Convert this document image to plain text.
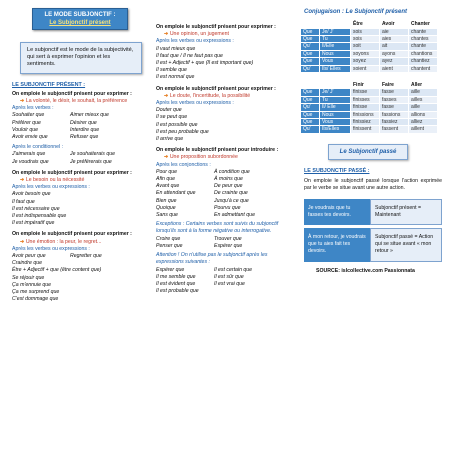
LE MODE SUBJONCTIF :
Le Subjonctif présent
Le subjonctif est le mode de la subjectivité, qui sert à exprimer l'opinion et les sentiments.
LE SUBJONCTIF PRÉSENT :
On emploie le subjonctif présent pour exprimer :
➔ La volonté, le désir, le souhait, la préférence
Après les verbes :
Souhaiter que	Aimer mieux que
Préférer que	Désirer que
Vouloir que	Interdire que
Avoir envie que	Refuser que
Après le conditionnel :
J'aimerais que	Je souhaiterais que
Je voudrais que	Je préférerais que
On emploie le subjonctif présent pour exprimer :
➔ Le besoin ou la nécessité
Après les verbes ou expressions :
Avoir besoin que
Il faut que
Il est nécessaire que
Il est indispensable que
Il est impératif que
On emploie le subjonctif présent pour exprimer :
➔ Une émotion : la peur, le regret...
Après les verbes ou expressions :
Avoir peur que	Regretter que
Craindre que
Être + Adjectif + que (être content que)
Se réjouir que
Ça m'ennuie que
Ça me surprend que
C'est dommage que
On emploie le subjonctif présent pour exprimer :
➔ Une opinion, un jugement
Après les verbes ou expressions :
Il vaut mieux que
Il faut que / Il ne faut pas que
Il est + Adjectif + que (Il est important que)
Il semble que
Il est normal que
On emploie le subjonctif présent pour exprimer :
➔ Le doute, l'incertitude, la possibilité
Après les verbes ou expressions :
Douter que
Il se peut que
Il est possible que
Il est peu probable que
Il arrive que
On emploie le subjonctif présent pour introduire :
➔ Une proposition subordonnée
Après les conjonctions :
Pour que	À condition que
Afin que	À moins que
Avant que	De peur que
En attendant que	De crainte que
Bien que	Jusqu'à ce que
Quoique	Pourvu que
Sans que	En admettant que
Exceptions : Certains verbes sont suivis du subjonctif lorsqu'ils sont à la forme négative ou interrogative.
Croire que	Trouver que
Penser que	Espérer que
Attention ! On n'utilise pas le subjonctif après les expressions suivantes :
Espérer que	Il est certain que
Il me semble que	Il est sûr que
Il est évident que	Il est vrai que
Il est probable que
Conjugaison : Le Subjonctif présent
		Être	Avoir	Chanter
Que	Je/ J'	sois	aie	chante
Que	Tu	sois	aies	chantes
Qu'	Il/Elle	soit	ait	chante
Que	Nous	soyons	ayons	chantions
Que	Vous	soyez	ayez	chantiez
Qu'	Ils/ Elles	soient	aient	chantent
		Finir	Faire	Aller
Que	Je/ J'	finisse	fasse	aille
Que	Tu	finisses	fasses	ailles
Qu'	Il/ Elle	finisse	fasse	aille
Que	Nous	finissions	fassions	allions
Que	Vous	finissiez	fassiez	alliez
Qu'	Ils/Elles	finissent	fassent	aillent
Le Subjonctif passé
LE SUBJONCTIF PASSÉ :
On emploie le subjonctif passé lorsque l'action exprimée par le verbe se situe avant une autre action.
Je voudrais que tu fasses tes devoirs.
Subjonctif présent = Maintenant
À mon retour, je voudrais que tu aies fait tes devoirs.
Subjonctif passé = Action qui se situe avant « mon retour »
SOURCE: islcollective.com Passionnata
